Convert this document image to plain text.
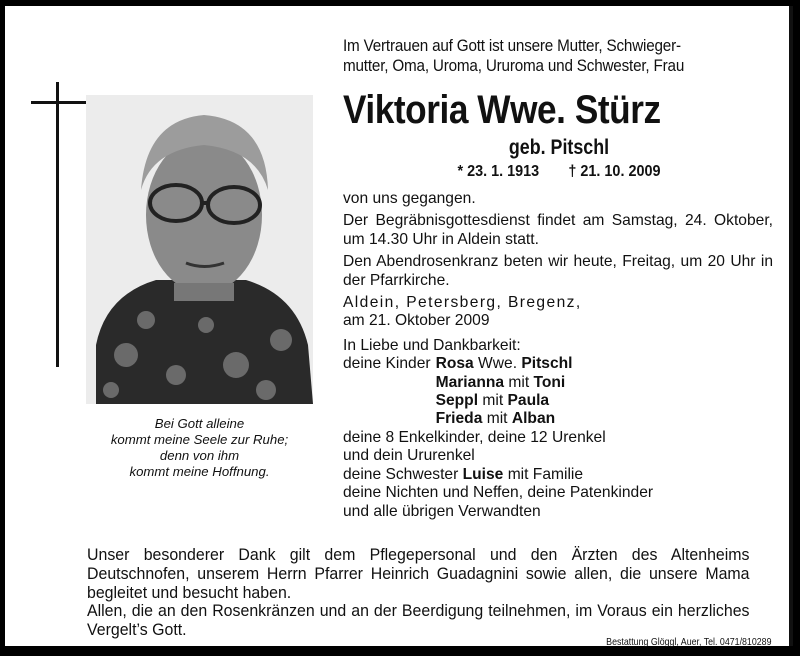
Bei Gott alleine
kommt meine Seele zur Ruhe;
denn von ihm
kommt meine Hoffnung.
Im Vertrauen auf Gott ist unsere Mutter, Schwieger-
mutter, Oma, Uroma, Ururoma und Schwester, Frau
Viktoria Wwe. Stürz
geb. Pitschl
* 23. 1. 1913 † 21. 10. 2009

von uns gegangen.

Der Begräbnisgottesdienst findet am Samstag, 24. Oktober, um 14.30 Uhr in Aldein statt.

Den Abendrosenkranz beten wir heute, Freitag, um 20 Uhr in der Pfarrkirche.

Aldein, Petersberg, Bregenz,
am 21. Oktober 2009

In Liebe und Dankbarkeit:
deine Kinder Rosa Wwe. Pitschl
Marianna mit Toni
Seppl mit Paula
Frieda mit Alban
deine 8 Enkelkinder, deine 12 Urenkel
und dein Ururenkel
deine Schwester Luise mit Familie
deine Nichten und Neffen, deine Patenkinder
und alle übrigen Verwandten

Unser besonderer Dank gilt dem Pflegepersonal und den Ärzten des Altenheims Deutschnofen, unserem Herrn Pfarrer Heinrich Guadagnini sowie allen, die unsere Mama begleitet und besucht haben.

Allen, die an den Rosenkränzen und an der Beerdigung teilnehmen, im Voraus ein herzliches Vergelt’s Gott.

Bestattung Glöggl, Auer, Tel. 0471/810289
